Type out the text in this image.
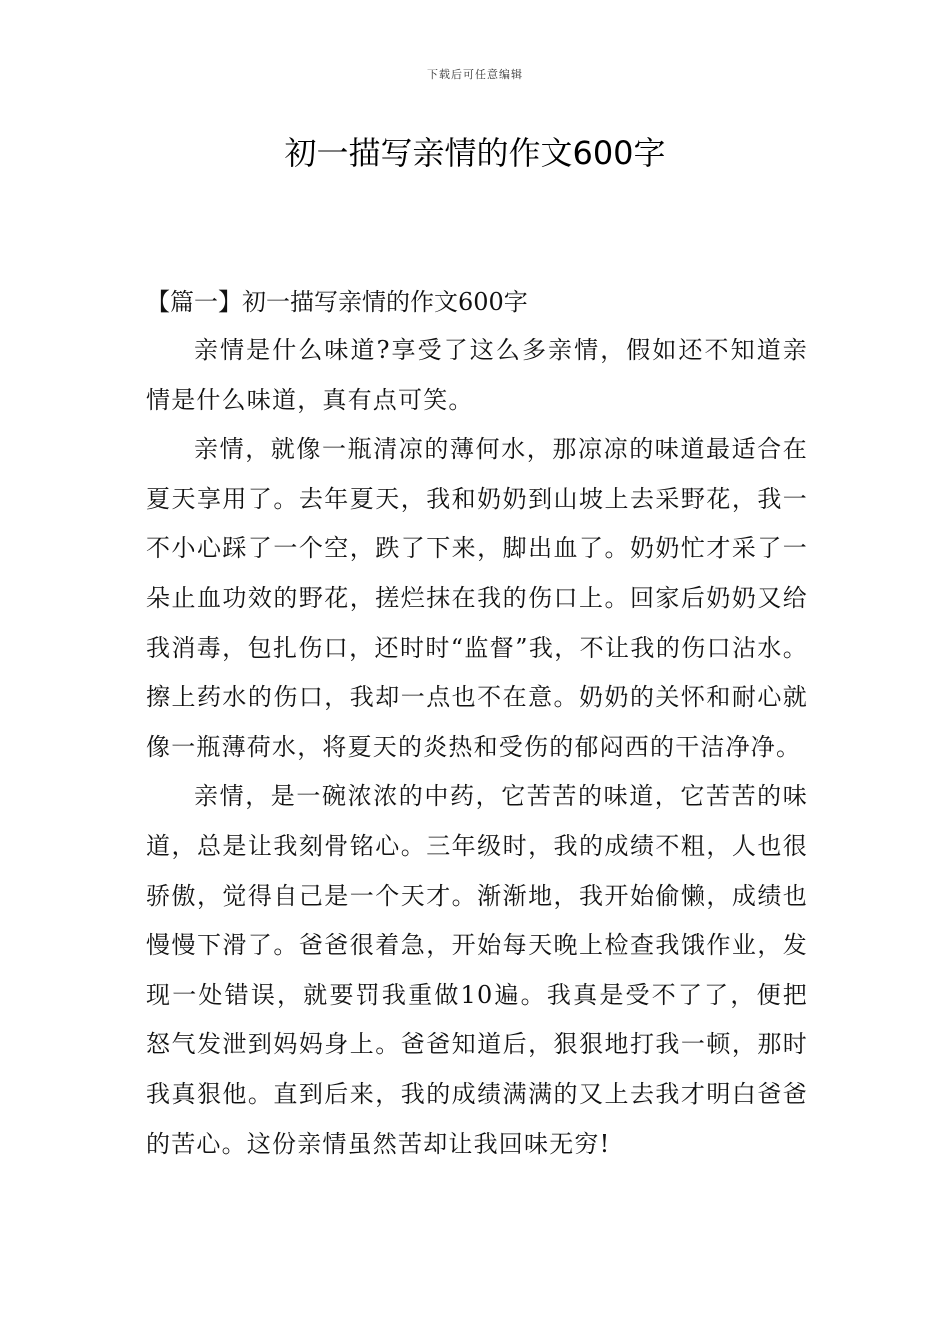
下载后可任意编辑
初一描写亲情的作文600字

【篇一】初一描写亲情的作文600字

亲情是什么味道?享受了这么多亲情，假如还不知道亲情是什么味道，真有点可笑。

亲情，就像一瓶清凉的薄何水，那凉凉的味道最适合在夏天享用了。去年夏天，我和奶奶到山坡上去采野花，我一不小心踩了一个空，跌了下来，脚出血了。奶奶忙才采了一朵止血功效的野花，搓烂抹在我的伤口上。回家后奶奶又给我消毒，包扎伤口，还时时“监督”我，不让我的伤口沾水。擦上药水的伤口，我却一点也不在意。奶奶的关怀和耐心就像一瓶薄荷水，将夏天的炎热和受伤的郁闷西的干洁净净。

亲情，是一碗浓浓的中药，它苦苦的味道，它苦苦的味道，总是让我刻骨铭心。三年级时，我的成绩不粗，人也很骄傲，觉得自己是一个天才。渐渐地，我开始偷懒，成绩也慢慢下滑了。爸爸很着急，开始每天晚上检查我饿作业，发现一处错误，就要罚我重做10遍。我真是受不了了，便把怒气发泄到妈妈身上。爸爸知道后，狠狠地打我一顿，那时我真狠他。直到后来，我的成绩满满的又上去我才明白爸爸的苦心。这份亲情虽然苦却让我回味无穷!
